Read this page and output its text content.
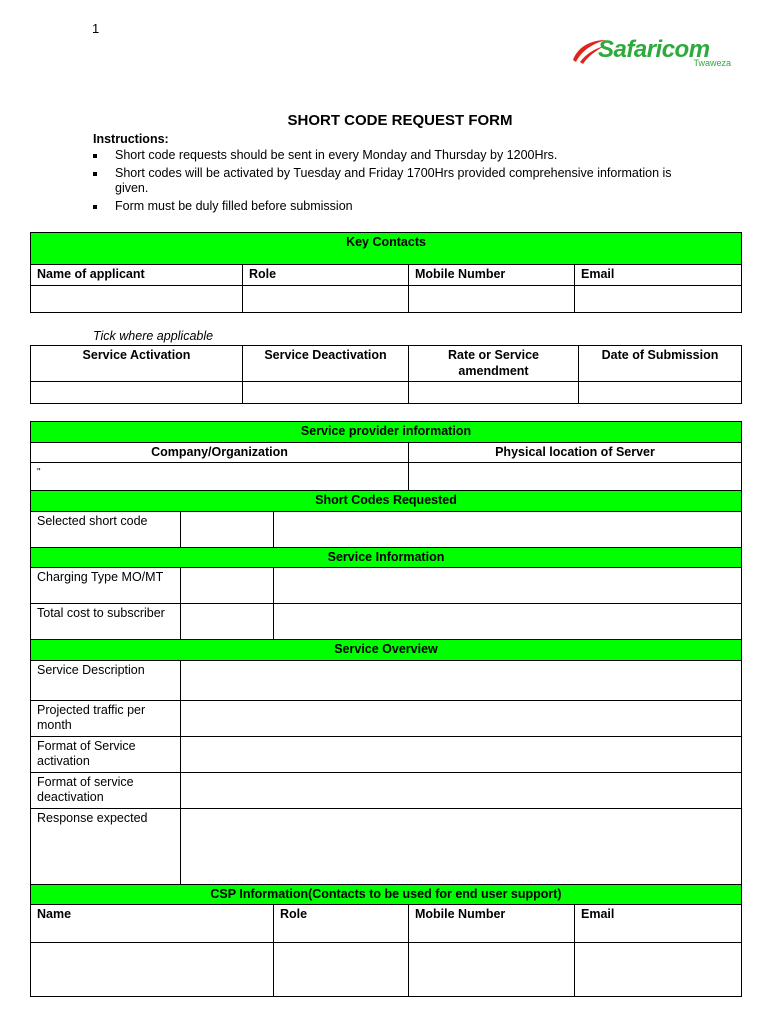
1
Safaricom
Twaweza
SHORT CODE REQUEST FORM
Instructions:
Short code requests should be sent in every Monday and Thursday by 1200Hrs.
Short codes will be activated by Tuesday and Friday 1700Hrs provided comprehensive information is given.
Form must be duly filled before submission
Key Contacts			
Name of applicant	Role	Mobile Number	Email

Tick where applicable
Service Activation	Service Deactivation	Rate or Service amendment	Date of Submission

Service provider information				
Company/Organization			Physical location of Server	
"				
Short Codes Requested				
Selected short code				
Service Information				
Charging Type MO/MT				
Total cost to subscriber				
Service Overview				
Service Description				
Projected traffic per month				
Format of Service activation				
Format of service deactivation				
Response expected				
CSP Information(Contacts to be used for end user support)				
Name		Role	Mobile Number	Email
